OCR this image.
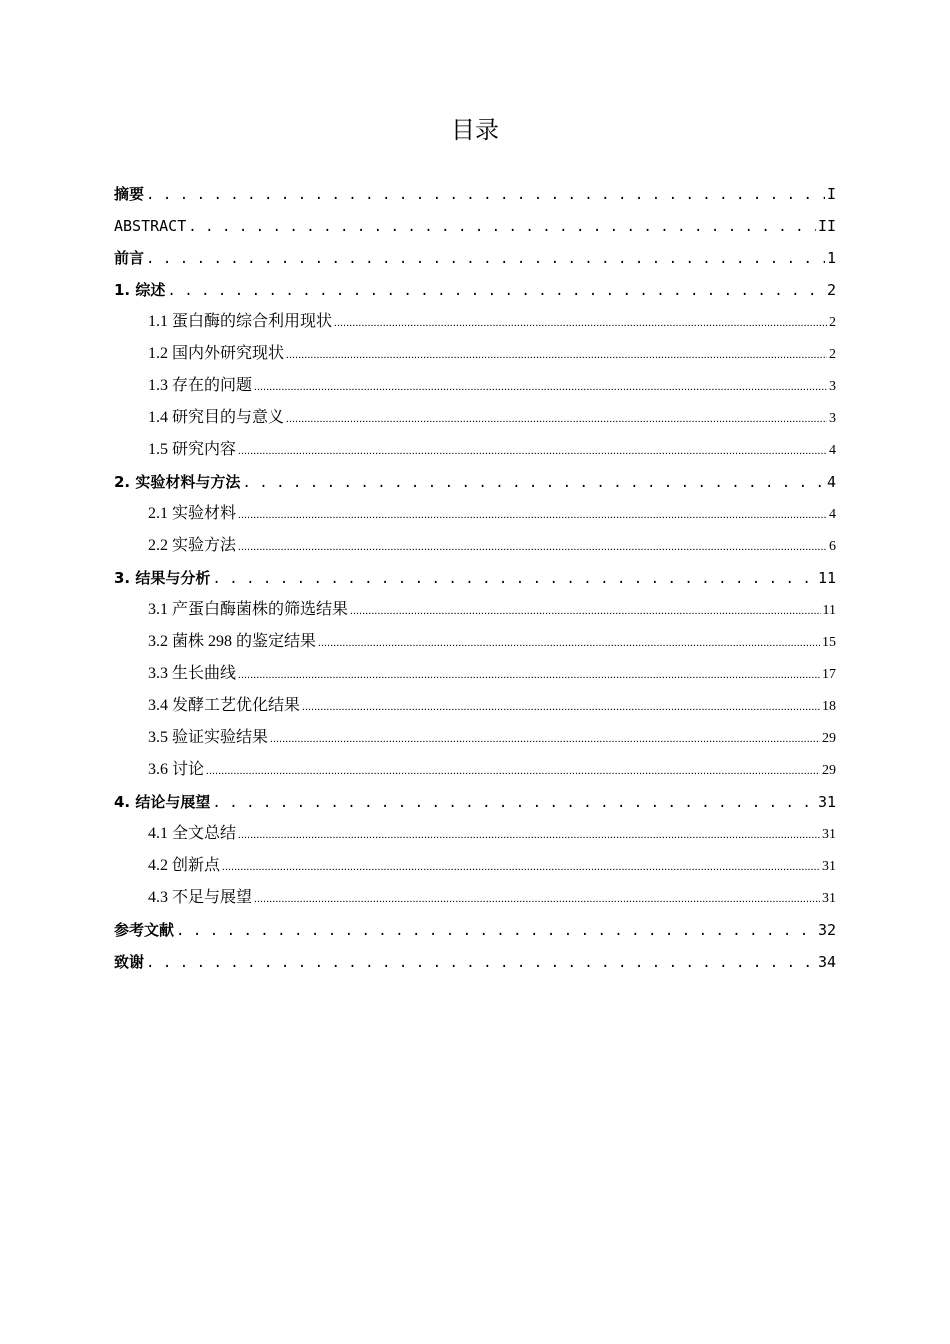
目录
摘要 . . .	I
ABSTRACT . . .	II
前言 . . .	1
1. 综述 . . .	2
1.1 蛋白酶的综合利用现状 .....	2
1.2 国内外研究现状 .....	2
1.3 存在的问题 .....	3
1.4 研究目的与意义 .....	3
1.5 研究内容 .....	4
2. 实验材料与方法 . . .	4
2.1 实验材料 .....	4
2.2 实验方法 .....	6
3. 结果与分析 . . .	11
3.1 产蛋白酶菌株的筛选结果 .....	11
3.2 菌株 298 的鉴定结果 .....	15
3.3 生长曲线 .....	17
3.4 发酵工艺优化结果 .....	18
3.5 验证实验结果 .....	29
3.6 讨论 .....	29
4. 结论与展望 . . .	31
4.1 全文总结 .....	31
4.2 创新点 .....	31
4.3 不足与展望 .....	31
参考文献 . . .	32
致谢 . . .	34
